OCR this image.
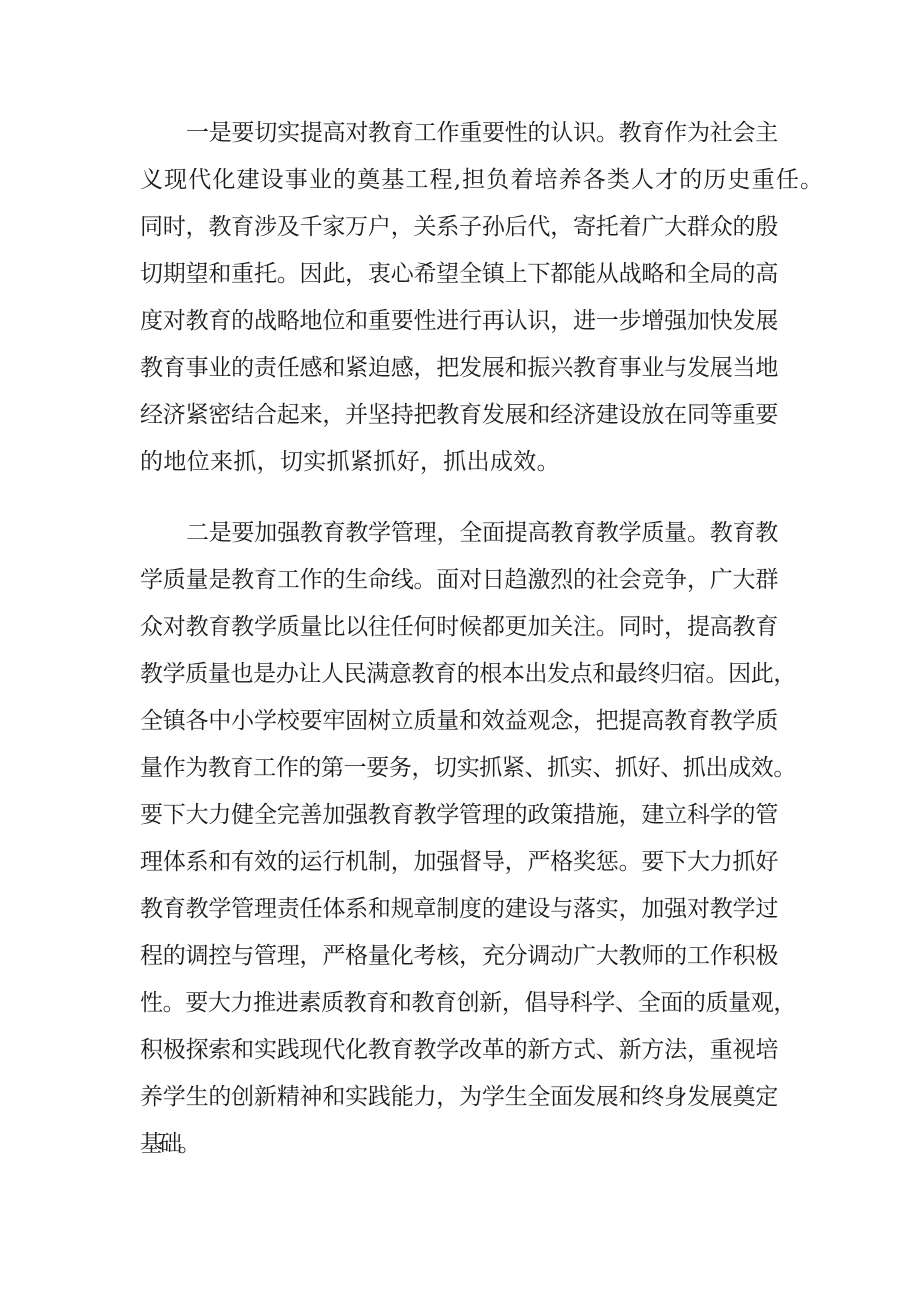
一是要切实提高对教育工作重要性的认识。教育作为社会主
义现代化建设事业的奠基工程,担负着培养各类人才的历史重任。
同时，教育涉及千家万户，关系子孙后代，寄托着广大群众的殷
切期望和重托。因此，衷心希望全镇上下都能从战略和全局的高
度对教育的战略地位和重要性进行再认识，进一步增强加快发展
教育事业的责任感和紧迫感，把发展和振兴教育事业与发展当地
经济紧密结合起来，并坚持把教育发展和经济建设放在同等重要
的地位来抓，切实抓紧抓好，抓出成效。
二是要加强教育教学管理，全面提高教育教学质量。教育教
学质量是教育工作的生命线。面对日趋激烈的社会竞争，广大群
众对教育教学质量比以往任何时候都更加关注。同时，提高教育
教学质量也是办让人民满意教育的根本出发点和最终归宿。因此，
全镇各中小学校要牢固树立质量和效益观念，把提高教育教学质
量作为教育工作的第一要务，切实抓紧、抓实、抓好、抓出成效。
要下大力健全完善加强教育教学管理的政策措施，建立科学的管
理体系和有效的运行机制，加强督导，严格奖惩。要下大力抓好
教育教学管理责任体系和规章制度的建设与落实，加强对教学过
程的调控与管理，严格量化考核，充分调动广大教师的工作积极
性。要大力推进素质教育和教育创新，倡导科学、全面的质量观，
积极探索和实践现代化教育教学改革的新方式、新方法，重视培
养学生的创新精神和实践能力，为学生全面发展和终身发展奠定
基础。
